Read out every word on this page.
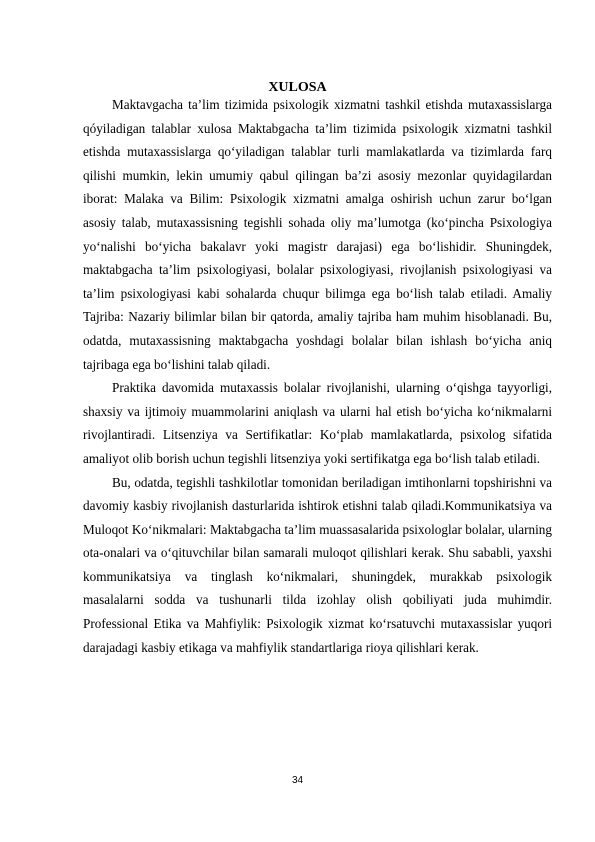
XULOSA

Maktavgacha ta’lim tizimida psixologik xizmatni tashkil etishda mutaxassislarga qóyiladigan talablar xulosa Maktabgacha ta’lim tizimida psixologik xizmatni tashkil etishda mutaxassislarga qo‘yiladigan talablar turli mamlakatlarda va tizimlarda farq qilishi mumkin, lekin umumiy qabul qilingan ba’zi asosiy mezonlar quyidagilardan iborat: Malaka va Bilim: Psixologik xizmatni amalga oshirish uchun zarur bo‘lgan asosiy talab, mutaxassisning tegishli sohada oliy ma’lumotga (ko‘pincha Psixologiya yo‘nalishi bo‘yicha bakalavr yoki magistr darajasi) ega bo‘lishidir. Shuningdek, maktabgacha ta’lim psixologiyasi, bolalar psixologiyasi, rivojlanish psixologiyasi va ta’lim psixologiyasi kabi sohalarda chuqur bilimga ega bo‘lish talab etiladi. Amaliy Tajriba: Nazariy bilimlar bilan bir qatorda, amaliy tajriba ham muhim hisoblanadi. Bu, odatda, mutaxassisning maktabgacha yoshdagi bolalar bilan ishlash bo‘yicha aniq tajribaga ega bo‘lishini talab qiladi.

Praktika davomida mutaxassis bolalar rivojlanishi, ularning o‘qishga tayyorligi, shaxsiy va ijtimoiy muammolarini aniqlash va ularni hal etish bo‘yicha ko‘nikmalarni rivojlantiradi. Litsenziya va Sertifikatlar: Ko‘plab mamlakatlarda, psixolog sifatida amaliyot olib borish uchun tegishli litsenziya yoki sertifikatga ega bo‘lish talab etiladi.

Bu, odatda, tegishli tashkilotlar tomonidan beriladigan imtihonlarni topshirishni va davomiy kasbiy rivojlanish dasturlarida ishtirok etishni talab qiladi.Kommunikatsiya va Muloqot Ko‘nikmalari: Maktabgacha ta’lim muassasalarida psixologlar bolalar, ularning ota-onalari va o‘qituvchilar bilan samarali muloqot qilishlari kerak. Shu sababli, yaxshi kommunikatsiya va tinglash ko‘nikmalari, shuningdek, murakkab psixologik masalalarni sodda va tushunarli tilda izohlay olish qobiliyati juda muhimdir. Professional Etika va Mahfiylik: Psixologik xizmat ko‘rsatuvchi mutaxassislar yuqori darajadagi kasbiy etikaga va mahfiylik standartlariga rioya qilishlari kerak.

34
